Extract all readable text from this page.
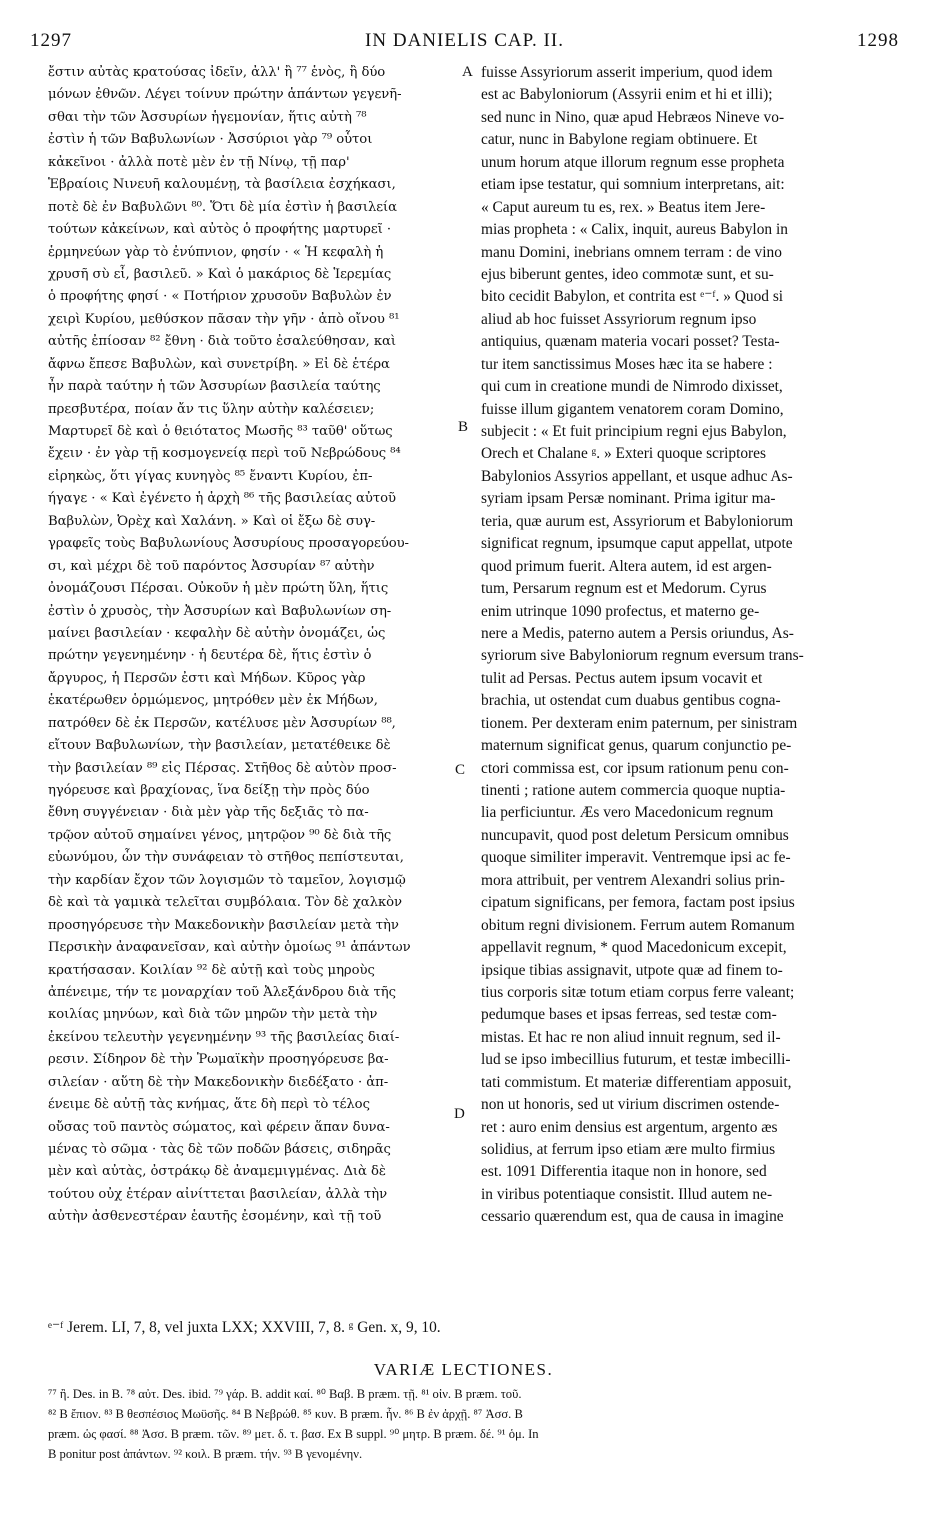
1297	IN DANIELIS CAP. II.	1298
ἔστιν αὐτὰς κρατούσας ἰδεῖν, ἀλλ' ἢ ⁷⁷ ἑνὸς, ἢ δύο
μόνων ἐθνῶν. Λέγει τοίνυν πρώτην ἁπάντων γεγενῆ-
σθαι τὴν τῶν Ἀσσυρίων ἡγεμονίαν, ἥτις αὐτὴ ⁷⁸
ἐστὶν ἡ τῶν Βαβυλωνίων · Ἀσσύριοι γὰρ ⁷⁹ οὗτοι
κἀκεῖνοι · ἀλλὰ ποτὲ μὲν ἐν τῇ Νίνῳ, τῇ παρ'
Ἑβραίοις Νινευῆ καλουμένῃ, τὰ βασίλεια ἐσχήκασι,
ποτὲ δὲ ἐν Βαβυλῶνι ⁸⁰. Ὅτι δὲ μία ἐστὶν ἡ βασιλεία
τούτων κἀκείνων, καὶ αὐτὸς ὁ προφήτης μαρτυρεῖ ·
ἑρμηνεύων γὰρ τὸ ἐνύπνιον, φησίν · « Ἡ κεφαλὴ ἡ
χρυσῆ σὺ εἶ, βασιλεῦ. » Καὶ ὁ μακάριος δὲ Ἱερεμίας
ὁ προφήτης φησί · « Ποτήριον χρυσοῦν Βαβυλὼν ἐν
χειρὶ Κυρίου, μεθύσκον πᾶσαν τὴν γῆν · ἀπὸ οἴνου ⁸¹
αὐτῆς ἐπίοσαν ⁸² ἔθνη · διὰ τοῦτο ἐσαλεύθησαν, καὶ
ἄφνω ἔπεσε Βαβυλὼν, καὶ συνετρίβη. » Εἰ δὲ ἑτέρα
ἦν παρὰ ταύτην ἡ τῶν Ἀσσυρίων βασιλεία ταύτης
πρεσβυτέρα, ποίαν ἄν τις ὕλην αὐτὴν καλέσειεν;
Μαρτυρεῖ δὲ καὶ ὁ θειότατος Μωσῆς ⁸³ ταῦθ' οὕτως
ἔχειν · ἐν γὰρ τῇ κοσμογενείᾳ περὶ τοῦ Νεβρώδους ⁸⁴
εἰρηκὼς, ὅτι γίγας κυνηγὸς ⁸⁵ ἔναντι Κυρίου, ἐπ-
ήγαγε · « Καὶ ἐγένετο ἡ ἀρχὴ ⁸⁶ τῆς βασιλείας αὐτοῦ
Βαβυλὼν, Ὀρὲχ καὶ Χαλάνη. » Καὶ οἱ ἔξω δὲ συγ-
γραφεῖς τοὺς Βαβυλωνίους Ἀσσυρίους προσαγορεύου-
σι, καὶ μέχρι δὲ τοῦ παρόντος Ἀσσυρίαν ⁸⁷ αὐτὴν
ὀνομάζουσι Πέρσαι. Οὐκοῦν ἡ μὲν πρώτη ὕλη, ἥτις
ἐστὶν ὁ χρυσὸς, τὴν Ἀσσυρίων καὶ Βαβυλωνίων ση-
μαίνει βασιλείαν · κεφαλὴν δὲ αὐτὴν ὀνομάζει, ὡς
πρώτην γεγενημένην · ἡ δευτέρα δὲ, ἥτις ἐστὶν ὁ
ἄργυρος, ἡ Περσῶν ἐστι καὶ Μήδων. Κῦρος γὰρ
ἑκατέρωθεν ὁρμώμενος, μητρόθεν μὲν ἐκ Μήδων,
πατρόθεν δὲ ἐκ Περσῶν, κατέλυσε μὲν Ἀσσυρίων ⁸⁸,
εἴτουν Βαβυλωνίων, τὴν βασιλείαν, μετατέθεικε δὲ
τὴν βασιλείαν ⁸⁹ εἰς Πέρσας. Στῆθος δὲ αὐτὸν προσ-
ηγόρευσε καὶ βραχίονας, ἵνα δείξῃ τὴν πρὸς δύο
ἔθνη συγγένειαν · διὰ μὲν γὰρ τῆς δεξιᾶς τὸ πα-
τρῷον αὐτοῦ σημαίνει γένος, μητρῷον ⁹⁰ δὲ διὰ τῆς
εὐωνύμου, ὧν τὴν συνάφειαν τὸ στῆθος πεπίστευται,
τὴν καρδίαν ἔχον τῶν λογισμῶν τὸ ταμεῖον, λογισμῷ
δὲ καὶ τὰ γαμικὰ τελεῖται συμβόλαια. Τὸν δὲ χαλκὸν
προσηγόρευσε τὴν Μακεδονικὴν βασιλείαν μετὰ τὴν
Περσικὴν ἀναφανεῖσαν, καὶ αὐτὴν ὁμοίως ⁹¹ ἁπάντων
κρατήσασαν. Κοιλίαν ⁹² δὲ αὐτῇ καὶ τοὺς μηροὺς
ἀπένειμε, τήν τε μοναρχίαν τοῦ Ἀλεξάνδρου διὰ τῆς
κοιλίας μηνύων, καὶ διὰ τῶν μηρῶν τὴν μετὰ τὴν
ἐκείνου τελευτὴν γεγενημένην ⁹³ τῆς βασιλείας διαί-
ρεσιν. Σίδηρον δὲ τὴν Ῥωμαϊκὴν προσηγόρευσε βα-
σιλείαν · αὕτη δὲ τὴν Μακεδονικὴν διεδέξατο · ἀπ-
ένειμε δὲ αὐτῇ τὰς κνήμας, ἅτε δὴ περὶ τὸ τέλος
οὔσας τοῦ παντὸς σώματος, καὶ φέρειν ἅπαν δυνα-
μένας τὸ σῶμα · τὰς δὲ τῶν ποδῶν βάσεις, σιδηρᾶς
μὲν καὶ αὐτὰς, ὀστράκῳ δὲ ἀναμεμιγμένας. Διὰ δὲ
τούτου οὐχ ἑτέραν αἰνίττεται βασιλείαν, ἀλλὰ τὴν
αὐτὴν ἀσθενεστέραν ἑαυτῆς ἐσομένην, καὶ τῇ τοῦ
fuisse Assyriorum asserit imperium, quod idem
est ac Babyloniorum (Assyrii enim et hi et illi);
sed nunc in Nino, quæ apud Hebræos Nineve vo-
catur, nunc in Babylone regiam obtinuere. Et
unum horum atque illorum regnum esse propheta
etiam ipse testatur, qui somnium interpretans, ait:
« Caput aureum tu es, rex. » Beatus item Jere-
mias propheta : « Calix, inquit, aureus Babylon in
manu Domini, inebrians omnem terram : de vino
ejus biberunt gentes, ideo commotæ sunt, et su-
bito cecidit Babylon, et contrita est ᵉ⁻ᶠ. » Quod si
aliud ab hoc fuisset Assyriorum regnum ipso
antiquius, quænam materia vocari posset? Testa-
tur item sanctissimus Moses hæc ita se habere :
qui cum in creatione mundi de Nimrodo dixisset,
fuisse illum gigantem venatorem coram Domino,
subjecit : « Et fuit principium regni ejus Babylon,
Orech et Chalane ᵍ. » Exteri quoque scriptores
Babylonios Assyrios appellant, et usque adhuc As-
syriam ipsam Persæ nominant. Prima igitur ma-
teria, quæ aurum est, Assyriorum et Babyloniorum
significat regnum, ipsumque caput appellat, utpote
quod primum fuerit. Altera autem, id est argen-
tum, Persarum regnum est et Medorum. Cyrus
enim utrinque 1090 profectus, et materno ge-
nere a Medis, paterno autem a Persis oriundus, As-
syriorum sive Babyloniorum regnum eversum trans-
tulit ad Persas. Pectus autem ipsum vocavit et
brachia, ut ostendat cum duabus gentibus cogna-
tionem. Per dexteram enim paternum, per sinistram
maternum significat genus, quarum conjunctio pe-
ctori commissa est, cor ipsum rationum penu con-
tinenti ; ratione autem commercia quoque nuptia-
lia perficiuntur. Æs vero Macedonicum regnum
nuncupavit, quod post deletum Persicum omnibus
quoque similiter imperavit. Ventremque ipsi ac fe-
mora attribuit, per ventrem Alexandri solius prin-
cipatum significans, per femora, factam post ipsius
obitum regni divisionem. Ferrum autem Romanum
appellavit regnum, * quod Macedonicum excepit,
ipsique tibias assignavit, utpote quæ ad finem to-
tius corporis sitæ totum etiam corpus ferre valeant;
pedumque bases et ipsas ferreas, sed testæ com-
mistas. Et hac re non aliud innuit regnum, sed il-
lud se ipso imbecillius futurum, et testæ imbecilli-
tati commistum. Et materiæ differentiam apposuit,
non ut honoris, sed ut virium discrimen ostende-
ret : auro enim densius est argentum, argento æs
solidius, at ferrum ipso etiam ære multo firmius
est. 1091 Differentia itaque non in honore, sed
in viribus potentiaque consistit. Illud autem ne-
cessario quærendum est, qua de causa in imagine
A
B
C
D
ᵉ⁻ᶠ Jerem. LI, 7, 8, vel juxta LXX; XXVIII, 7, 8. ᵍ Gen. x, 9, 10.
VARIÆ LECTIONES.
⁷⁷ ἢ. Des. in B. ⁷⁸ αὐτ. Des. ibid. ⁷⁹ γάρ. B. addit καί. ⁸⁰ Βαβ. B præm. τῇ. ⁸¹ οἰν. B præm. τοῦ.
⁸² B ἔπιον. ⁸³ B θεσπέσιος Μωϋσῆς. ⁸⁴ B Νεβρώθ. ⁸⁵ κυν. B præm. ἦν. ⁸⁶ B ἐν ἀρχῇ. ⁸⁷ Ἀσσ. B
præm. ὡς φασί. ⁸⁸ Ἀσσ. B præm. τῶν. ⁸⁹ μετ. δ. τ. βασ. Ex B suppl. ⁹⁰ μητρ. B præm. δέ. ⁹¹ ὁμ. In
B ponitur post ἁπάντων. ⁹² κοιλ. B præm. τήν. ⁹³ B γενομένην.
